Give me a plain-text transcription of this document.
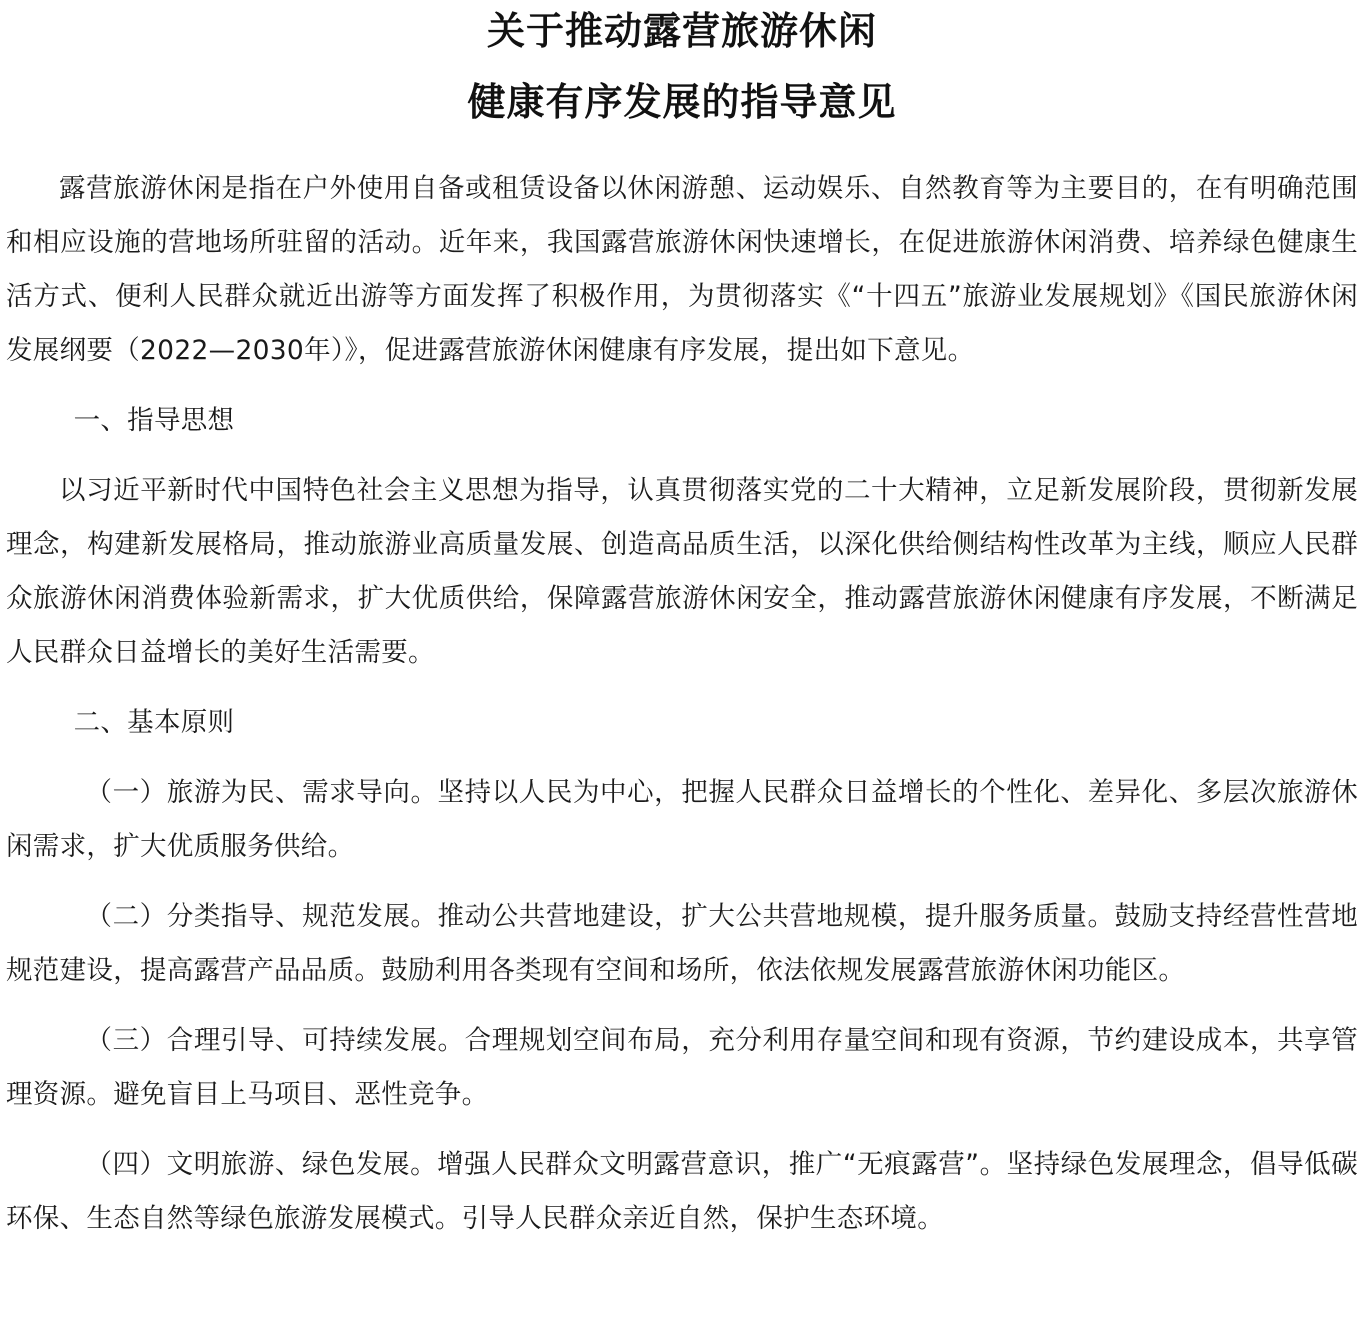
关于推动露营旅游休闲
健康有序发展的指导意见

露营旅游休闲是指在户外使用自备或租赁设备以休闲游憩、运动娱乐、自然教育等为主要目的，在有明确范围和相应设施的营地场所驻留的活动。近年来，我国露营旅游休闲快速增长，在促进旅游休闲消费、培养绿色健康生活方式、便利人民群众就近出游等方面发挥了积极作用，为贯彻落实《“十四五”旅游业发展规划》《国民旅游休闲发展纲要（2022—2030年）》，促进露营旅游休闲健康有序发展，提出如下意见。

一、指导思想

以习近平新时代中国特色社会主义思想为指导，认真贯彻落实党的二十大精神，立足新发展阶段，贯彻新发展理念，构建新发展格局，推动旅游业高质量发展、创造高品质生活，以深化供给侧结构性改革为主线，顺应人民群众旅游休闲消费体验新需求，扩大优质供给，保障露营旅游休闲安全，推动露营旅游休闲健康有序发展，不断满足人民群众日益增长的美好生活需要。

二、基本原则

（一）旅游为民、需求导向。坚持以人民为中心，把握人民群众日益增长的个性化、差异化、多层次旅游休闲需求，扩大优质服务供给。

（二）分类指导、规范发展。推动公共营地建设，扩大公共营地规模，提升服务质量。鼓励支持经营性营地规范建设，提高露营产品品质。鼓励利用各类现有空间和场所，依法依规发展露营旅游休闲功能区。

（三）合理引导、可持续发展。合理规划空间布局，充分利用存量空间和现有资源，节约建设成本，共享管理资源。避免盲目上马项目、恶性竞争。

（四）文明旅游、绿色发展。增强人民群众文明露营意识，推广“无痕露营”。坚持绿色发展理念，倡导低碳环保、生态自然等绿色旅游发展模式。引导人民群众亲近自然，保护生态环境。
